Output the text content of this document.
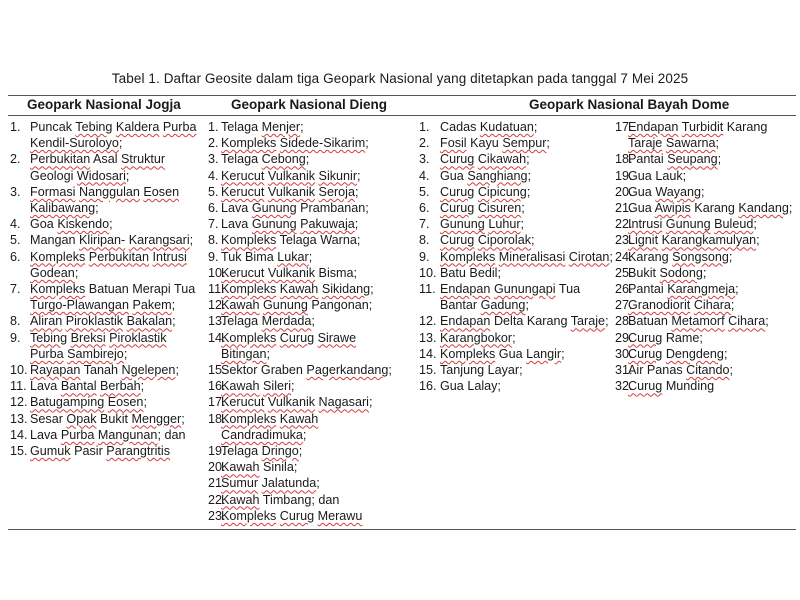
Tabel 1. Daftar Geosite dalam tiga Geopark Nasional yang ditetapkan pada tanggal 7 Mei 2025
Geopark Nasional Jogja	Geopark Nasional Dieng	Geopark Nasional Bayah Dome
1. Puncak Tebing Kaldera Purba Kendil-Suroloyo;
2. Perbukitan Asal Struktur Geologi Widosari;
3. Formasi Nanggulan Eosen Kalibawang;
4. Goa Kiskendo;
5. Mangan Kliripan- Karangsari;
6. Kompleks Perbukitan Intrusi Godean;
7. Kompleks Batuan Merapi Tua Turgo-Plawangan Pakem;
8. Aliran Piroklastik Bakalan;
9. Tebing Breksi Piroklastik Purba Sambirejo;
10. Rayapan Tanah Ngelepen;
11. Lava Bantal Berbah;
12. Batugamping Eosen;
13. Sesar Opak Bukit Mengger;
14. Lava Purba Mangunan; dan
15. Gumuk Pasir Parangtritis
1. Telaga Menjer;
2. Kompleks Sidede-Sikarim;
3. Telaga Cebong;
4. Kerucut Vulkanik Sikunir;
5. Kerucut Vulkanik Seroja;
6. Lava Gunung Prambanan;
7. Lava Gunung Pakuwaja;
8. Kompleks Telaga Warna;
9. Tuk Bima Lukar;
10.
Kerucut Vulkanik Bisma;
11.
Kompleks Kawah Sikidang;
12.
Kawah Gunung Pangonan;
13.
Telaga Merdada;
14.
Kompleks Curug Sirawe Bitingan;
15.
Sektor Graben Pagerkandang;
16.
Kawah Sileri;
17.
Kerucut Vulkanik Nagasari;
18.
Kompleks Kawah Candradimuka;
19.
Telaga Dringo;
20.
Kawah Sinila;
21.
Sumur Jalatunda;
22.
Kawah Timbang; dan
23.
Kompleks Curug Merawu
1. Cadas Kudatuan;
2. Fosil Kayu Sempur;
3. Curug Cikawah;
4. Gua Sanghiang;
5. Curug Cipicung;
6. Curug Cisuren;
7. Gunung Luhur;
8. Curug Ciporolak;
9. Kompleks Mineralisasi Cirotan;
10. Batu Bedil;
11. Endapan Gunungapi Tua Bantar Gadung;
12. Endapan Delta Karang Taraje;
13. Karangbokor;
14. Kompleks Gua Langir;
15. Tanjung Layar;
16. Gua Lalay;
17.
Endapan Turbidit Karang Taraje Sawarna;
18.
Pantai Seupang;
19.
Gua Lauk;
20.
Gua Wayang;
21.
Gua Awipis Karang Kandang;
22.
Intrusi Gunung Buleud;
23.
Lignit Karangkamulyan;
24.
Karang Songsong;
25.
Bukit Sodong;
26.
Pantai Karangmeja;
27.
Granodiorit Cihara;
28.
Batuan Metamorf Cihara;
29.
Curug Rame;
30.
Curug Dengdeng;
31.
Air Panas Citando;
32.
Curug Munding
